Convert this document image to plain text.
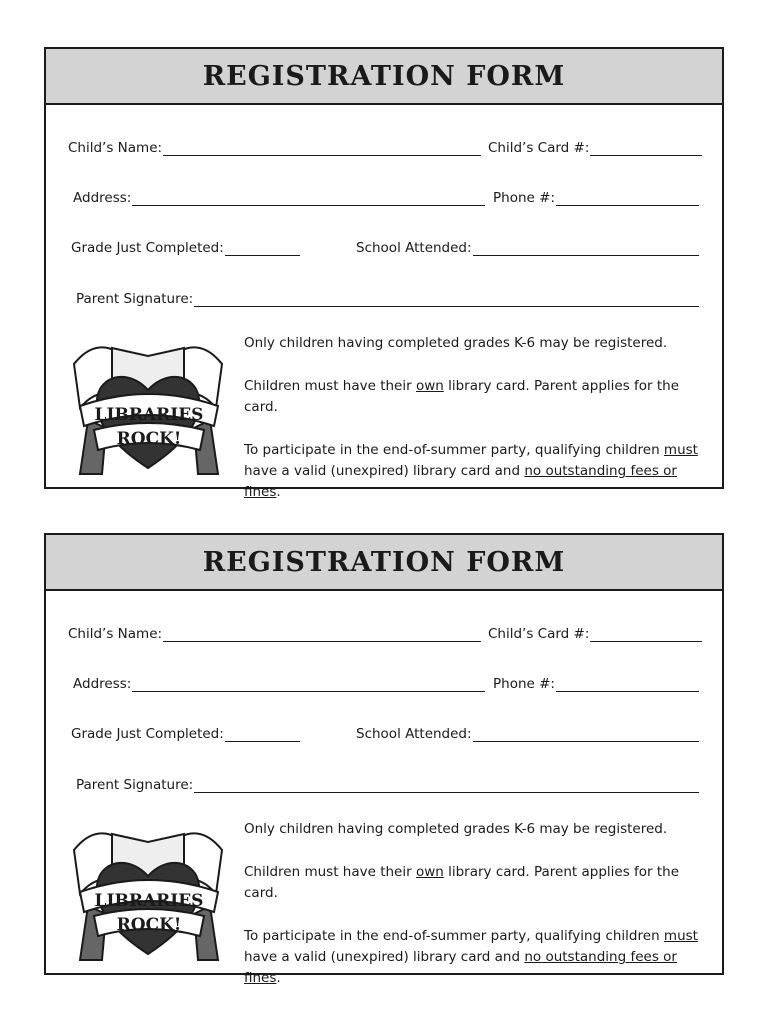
REGISTRATION FORM
Child’s Name:	Child’s Card #:
Address:	Phone #:
Grade Just Completed:	School Attended:
Parent Signature:
LIBRARIES
ROCK!

Only children having completed grades K-6 may be registered.

Children must have their own library card. Parent applies for the card.

To participate in the end-of-summer party, qualifying children must
have a valid (unexpired) library card and no outstanding fees or fines.

REGISTRATION FORM
Child’s Name:	Child’s Card #:
Address:	Phone #:
Grade Just Completed:	School Attended:
Parent Signature:
LIBRARIES
ROCK!

Only children having completed grades K-6 may be registered.

Children must have their own library card. Parent applies for the card.

To participate in the end-of-summer party, qualifying children must
have a valid (unexpired) library card and no outstanding fees or fines.
